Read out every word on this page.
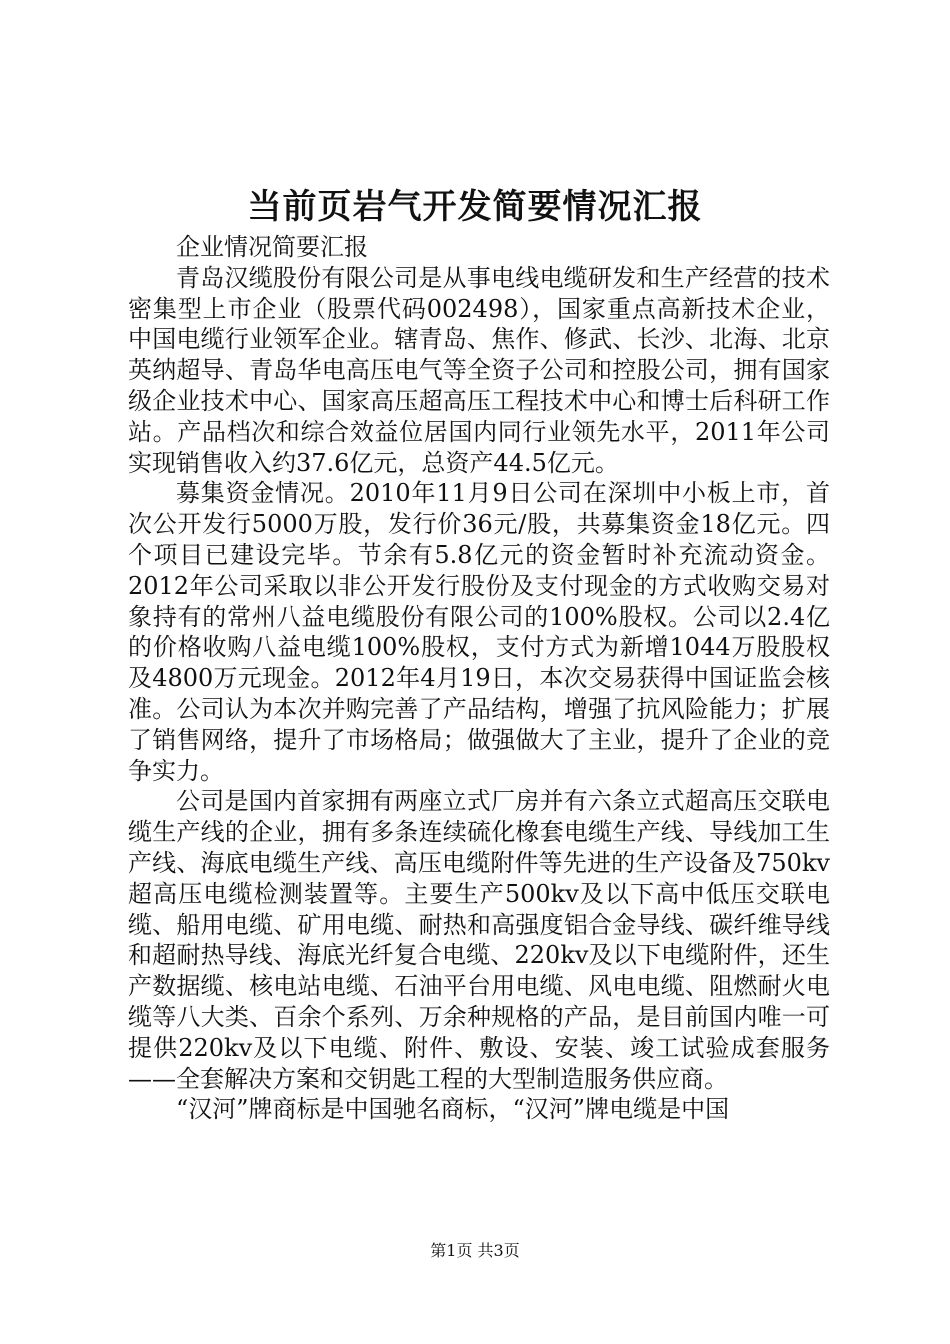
当前页岩气开发简要情况汇报

企业情况简要汇报

青岛汉缆股份有限公司是从事电线电缆研发和生产经营的技术密集型上市企业（股票代码002498），国家重点高新技术企业，中国电缆行业领军企业。辖青岛、焦作、修武、长沙、北海、北京英纳超导、青岛华电高压电气等全资子公司和控股公司，拥有国家级企业技术中心、国家高压超高压工程技术中心和博士后科研工作站。产品档次和综合效益位居国内同行业领先水平，2011年公司实现销售收入约37.6亿元，总资产44.5亿元。

募集资金情况。2010年11月9日公司在深圳中小板上市，首次公开发行5000万股，发行价36元/股，共募集资金18亿元。四个项目已建设完毕。节余有5.8亿元的资金暂时补充流动资金。2012年公司采取以非公开发行股份及支付现金的方式收购交易对象持有的常州八益电缆股份有限公司的100%股权。公司以2.4亿的价格收购八益电缆100%股权，支付方式为新增1044万股股权及4800万元现金。2012年4月19日，本次交易获得中国证监会核准。公司认为本次并购完善了产品结构，增强了抗风险能力；扩展了销售网络，提升了市场格局；做强做大了主业，提升了企业的竞争实力。

公司是国内首家拥有两座立式厂房并有六条立式超高压交联电缆生产线的企业，拥有多条连续硫化橡套电缆生产线、导线加工生产线、海底电缆生产线、高压电缆附件等先进的生产设备及750kv超高压电缆检测装置等。主要生产500kv及以下高中低压交联电缆、船用电缆、矿用电缆、耐热和高强度铝合金导线、碳纤维导线和超耐热导线、海底光纤复合电缆、220kv及以下电缆附件，还生产数据缆、核电站电缆、石油平台用电缆、风电电缆、阻燃耐火电缆等八大类、百余个系列、万余种规格的产品，是目前国内唯一可提供220kv及以下电缆、附件、敷设、安装、竣工试验成套服务——全套解决方案和交钥匙工程的大型制造服务供应商。

“汉河”牌商标是中国驰名商标，“汉河”牌电缆是中国

第1页 共3页
